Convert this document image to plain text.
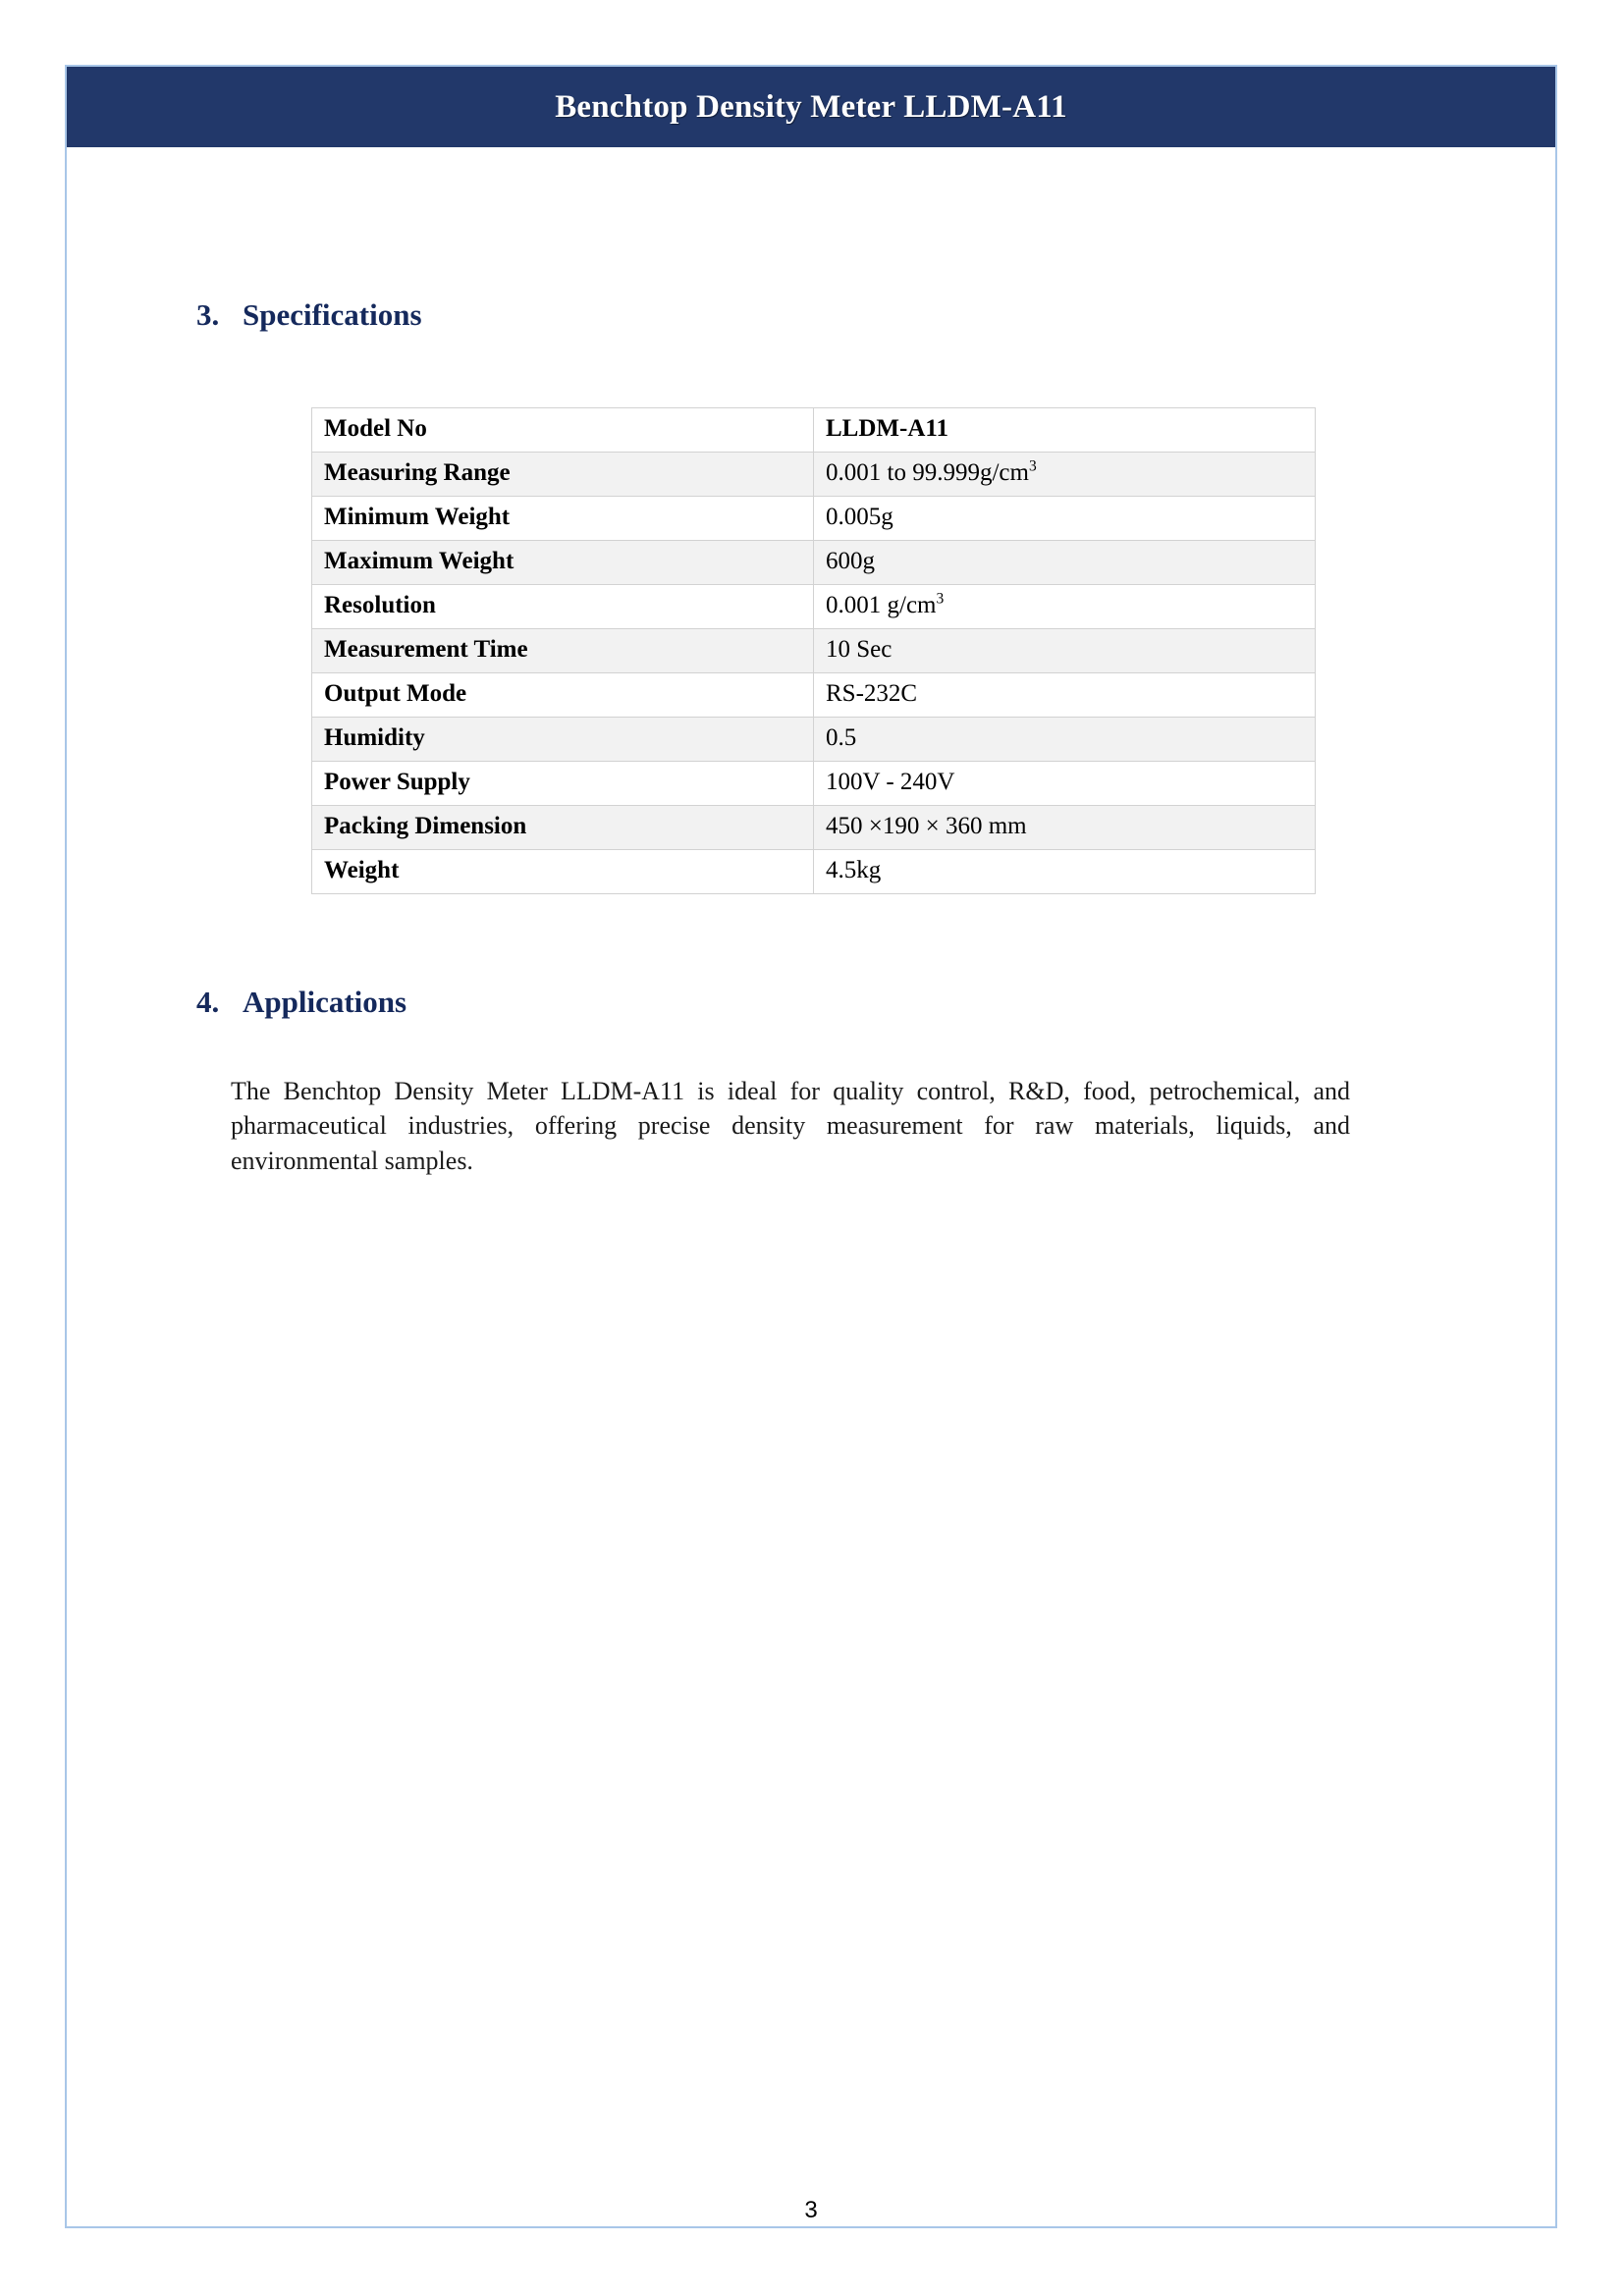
Benchtop Density Meter LLDM-A11
3. Specifications
Model No	LLDM-A11
Measuring Range	0.001 to $99.999g/cm^3$
Minimum Weight	0.005g
Maximum Weight	600g
Resolution	0.001 $g/cm^3$
Measurement Time	10 Sec
Output Mode	RS-232C
Humidity	0.5
Power Supply	100V - 240V
Packing Dimension	450 ×190 × 360 mm
Weight	4.5kg
4. Applications

The Benchtop Density Meter LLDM-A11 is ideal for quality control, R&D, food, petrochemical, and pharmaceutical industries, offering precise density measurement for raw materials, liquids, and environmental samples.

3
